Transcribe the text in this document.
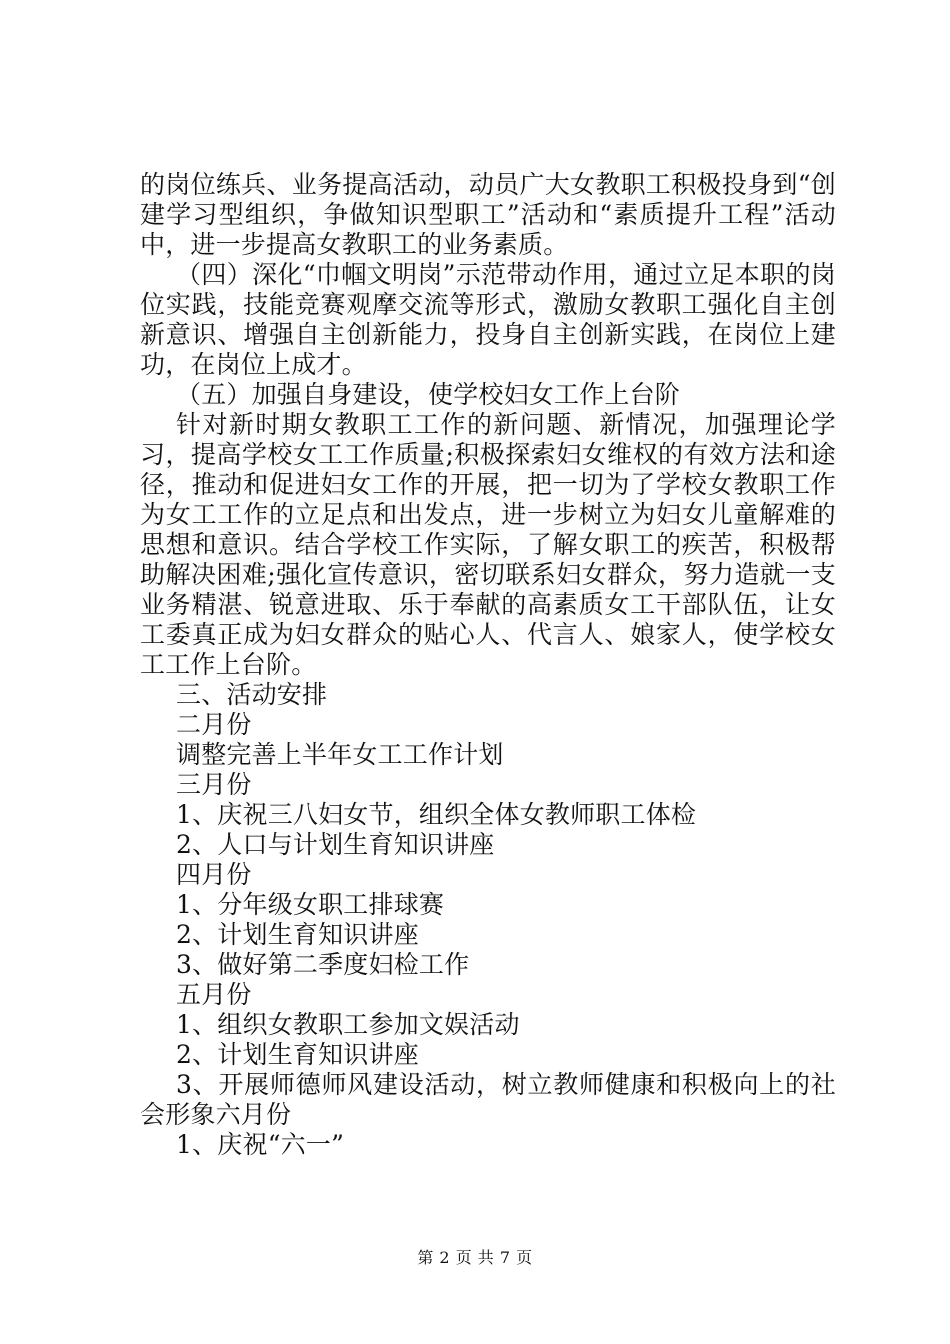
的岗位练兵、业务提高活动，动员广大女教职工积极投身到“创建学习型组织，争做知识型职工”活动和“素质提升工程”活动中，进一步提高女教职工的业务素质。

（四）深化“巾帼文明岗”示范带动作用，通过立足本职的岗位实践，技能竞赛观摩交流等形式，激励女教职工强化自主创新意识、增强自主创新能力，投身自主创新实践，在岗位上建功，在岗位上成才。

（五）加强自身建设，使学校妇女工作上台阶

针对新时期女教职工工作的新问题、新情况，加强理论学习，提高学校女工工作质量;积极探索妇女维权的有效方法和途径，推动和促进妇女工作的开展，把一切为了学校女教职工作为女工工作的立足点和出发点，进一步树立为妇女儿童解难的思想和意识。结合学校工作实际，了解女职工的疾苦，积极帮助解决困难;强化宣传意识，密切联系妇女群众，努力造就一支业务精湛、锐意进取、乐于奉献的高素质女工干部队伍，让女工委真正成为妇女群众的贴心人、代言人、娘家人，使学校女工工作上台阶。

三、活动安排

二月份

调整完善上半年女工工作计划

三月份

1、庆祝三八妇女节，组织全体女教师职工体检

2、人口与计划生育知识讲座

四月份

1、分年级女职工排球赛

2、计划生育知识讲座

3、做好第二季度妇检工作

五月份

1、组织女教职工参加文娱活动

2、计划生育知识讲座

3、开展师德师风建设活动，树立教师健康和积极向上的社会形象六月份

1、庆祝“六一”

第 2 页 共 7 页
